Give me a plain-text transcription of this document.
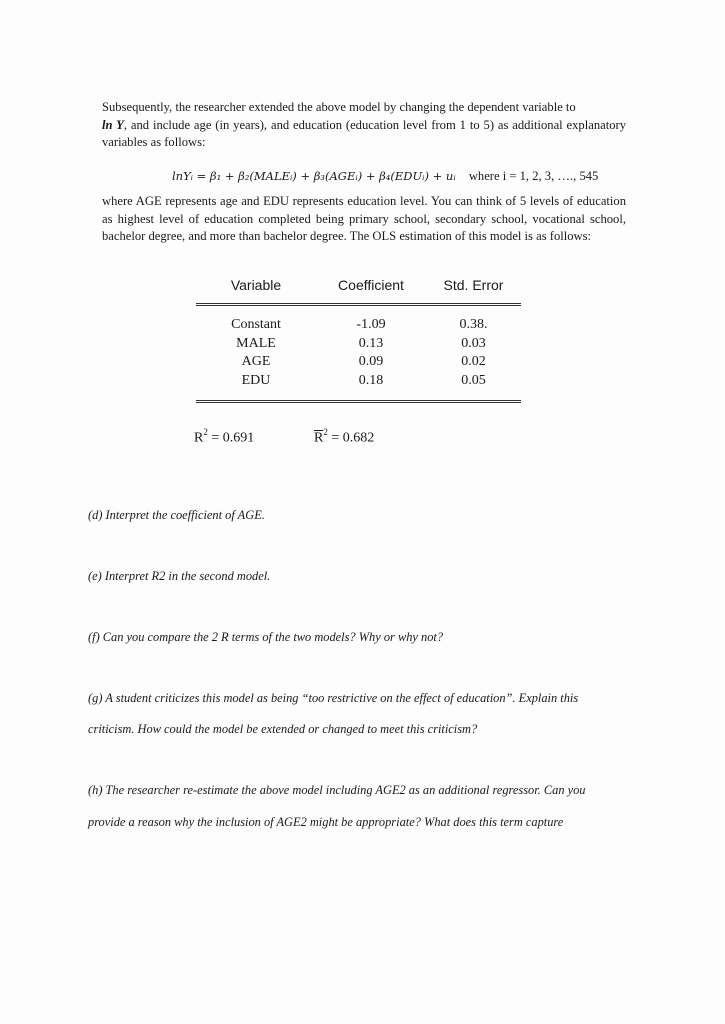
Subsequently, the researcher extended the above model by changing the dependent variable to

ln Y, and include age (in years), and education (education level from 1 to 5) as additional explanatory variables as follows:

lnYᵢ = β₁ + β₂(MALEᵢ) + β₃(AGEᵢ) + β₄(EDUᵢ) + uᵢ where i = 1, 2, 3, …., 545
where AGE represents age and EDU represents education level. You can think of 5 levels of education as highest level of education completed being primary school, secondary school, vocational school, bachelor degree, and more than bachelor degree. The OLS estimation of this model is as follows:
Variable	Coefficient	Std. Error
Constant	-1.09	0.38.
MALE	0.13	0.03
AGE	0.09	0.02
EDU	0.18	0.05
$R^2 = 0.691$	$\overline{R}^2 = 0.682$
(d) Interpret the coefficient of AGE.
(e) Interpret R2 in the second model.
(f) Can you compare the 2 R terms of the two models? Why or why not?
(g) A student criticizes this model as being “too restrictive on the effect of education”. Explain this
criticism. How could the model be extended or changed to meet this criticism?
(h) The researcher re-estimate the above model including AGE2 as an additional regressor. Can you
provide a reason why the inclusion of AGE2 might be appropriate? What does this term capture
